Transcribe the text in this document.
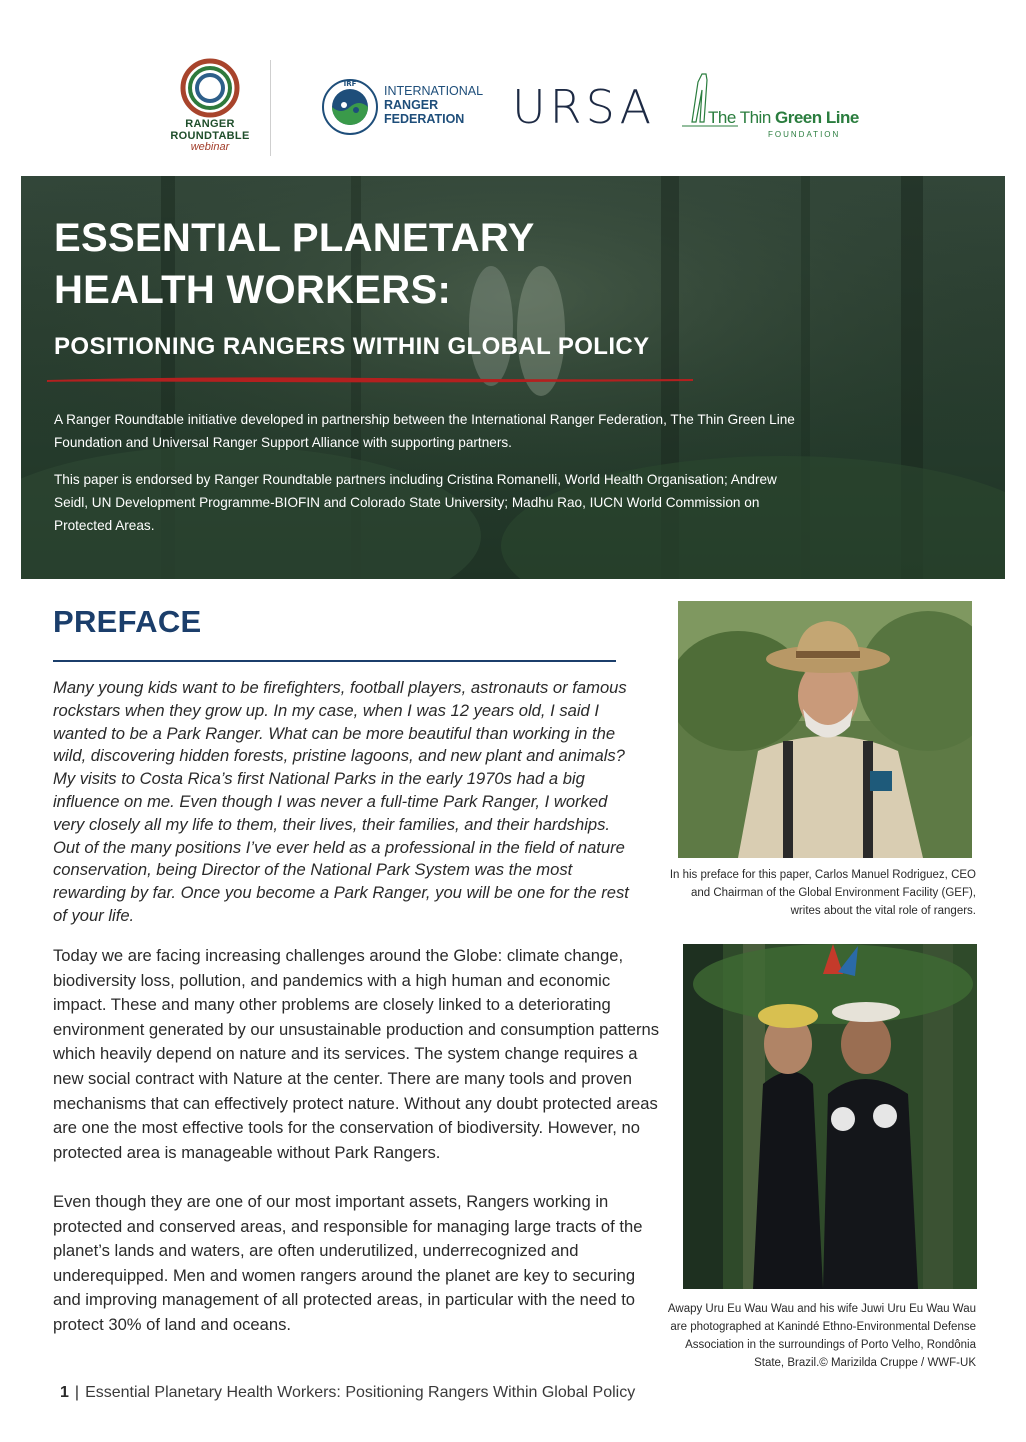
RANGER
ROUNDTABLE
webinar
IRF INTERNATIONAL
RANGER
FEDERATION	URSA	The Thin Green Line
FOUNDATION
ESSENTIAL PLANETARY HEALTH WORKERS:
POSITIONING RANGERS WITHIN GLOBAL POLICY

A Ranger Roundtable initiative developed in partnership between the International Ranger Federation, The Thin Green Line Foundation and Universal Ranger Support Alliance with supporting partners.

This paper is endorsed by Ranger Roundtable partners including Cristina Romanelli, World Health Organisation; Andrew Seidl, UN Development Programme-BIOFIN and Colorado State University; Madhu Rao, IUCN World Commission on Protected Areas.

PREFACE

Many young kids want to be firefighters, football players, astronauts or famous rockstars when they grow up. In my case, when I was 12 years old, I said I wanted to be a Park Ranger. What can be more beautiful than working in the wild, discovering hidden forests, pristine lagoons, and new plant and animals? My visits to Costa Rica’s first National Parks in the early 1970s had a big influence on me. Even though I was never a full-time Park Ranger, I worked very closely all my life to them, their lives, their families, and their hardships. Out of the many positions I’ve ever held as a professional in the field of nature conservation, being Director of the National Park System was the most rewarding by far. Once you become a Park Ranger, you will be one for the rest of your life.

Today we are facing increasing challenges around the Globe: climate change, biodiversity loss, pollution, and pandemics with a high human and economic impact. These and many other problems are closely linked to a deteriorating environment generated by our unsustainable production and consumption patterns which heavily depend on nature and its services. The system change requires a new social contract with Nature at the center. There are many tools and proven mechanisms that can effectively protect nature. Without any doubt protected areas are one the most effective tools for the conservation of biodiversity. However, no protected area is manageable without Park Rangers.

Even though they are one of our most important assets, Rangers working in protected and conserved areas, and responsible for managing large tracts of the planet’s lands and waters, are often underutilized, underrecognized and underequipped. Men and women rangers around the planet are key to securing and improving management of all protected areas, in particular with the need to protect 30% of land and oceans.

In his preface for this paper, Carlos Manuel Rodriguez, CEO and Chairman of the Global Environment Facility (GEF), writes about the vital role of rangers.

Awapy Uru Eu Wau Wau and his wife Juwi Uru Eu Wau Wau are photographed at Kanindé Ethno-Environmental Defense Association in the surroundings of Porto Velho, Rondônia State, Brazil.© Marizilda Cruppe / WWF-UK

1 | Essential Planetary Health Workers: Positioning Rangers Within Global Policy
